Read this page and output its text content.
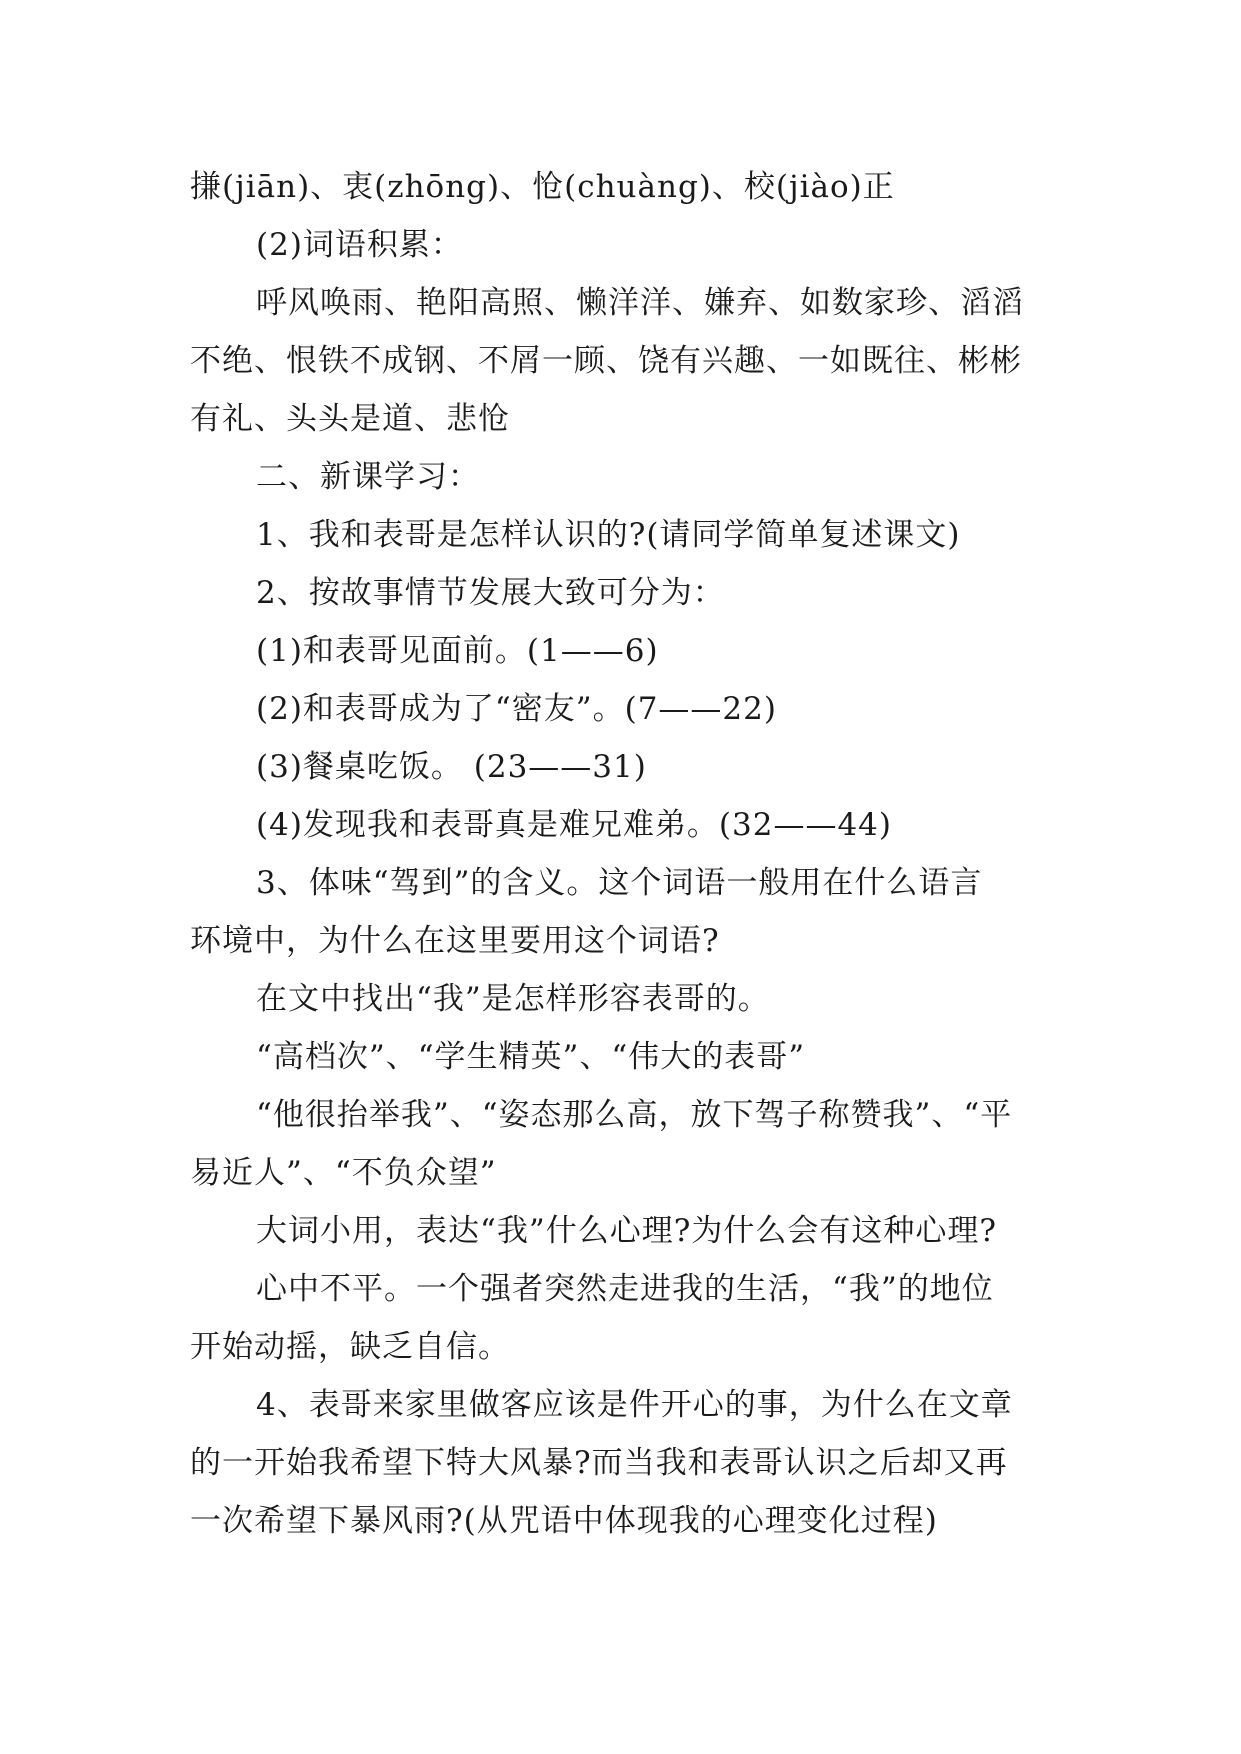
搛(jiān)、衷(zhōng)、怆(chuàng)、校(jiào)正
(2)词语积累：
呼风唤雨、艳阳高照、懒洋洋、嫌弃、如数家珍、滔滔
不绝、恨铁不成钢、不屑一顾、饶有兴趣、一如既往、彬彬
有礼、头头是道、悲怆
二、新课学习：
1、我和表哥是怎样认识的?(请同学简单复述课文)
2、按故事情节发展大致可分为：
(1)和表哥见面前。(1——6)
(2)和表哥成为了“密友”。(7——22)
(3)餐桌吃饭。 (23——31)
(4)发现我和表哥真是难兄难弟。(32——44)
3、体味“驾到”的含义。这个词语一般用在什么语言
环境中，为什么在这里要用这个词语?
在文中找出“我”是怎样形容表哥的。
“高档次”、“学生精英”、“伟大的表哥”
“他很抬举我”、“姿态那么高，放下驾子称赞我”、“平
易近人”、“不负众望”
大词小用，表达“我”什么心理?为什么会有这种心理?
心中不平。一个强者突然走进我的生活，“我”的地位
开始动摇，缺乏自信。
4、表哥来家里做客应该是件开心的事，为什么在文章
的一开始我希望下特大风暴?而当我和表哥认识之后却又再
一次希望下暴风雨?(从咒语中体现我的心理变化过程)
